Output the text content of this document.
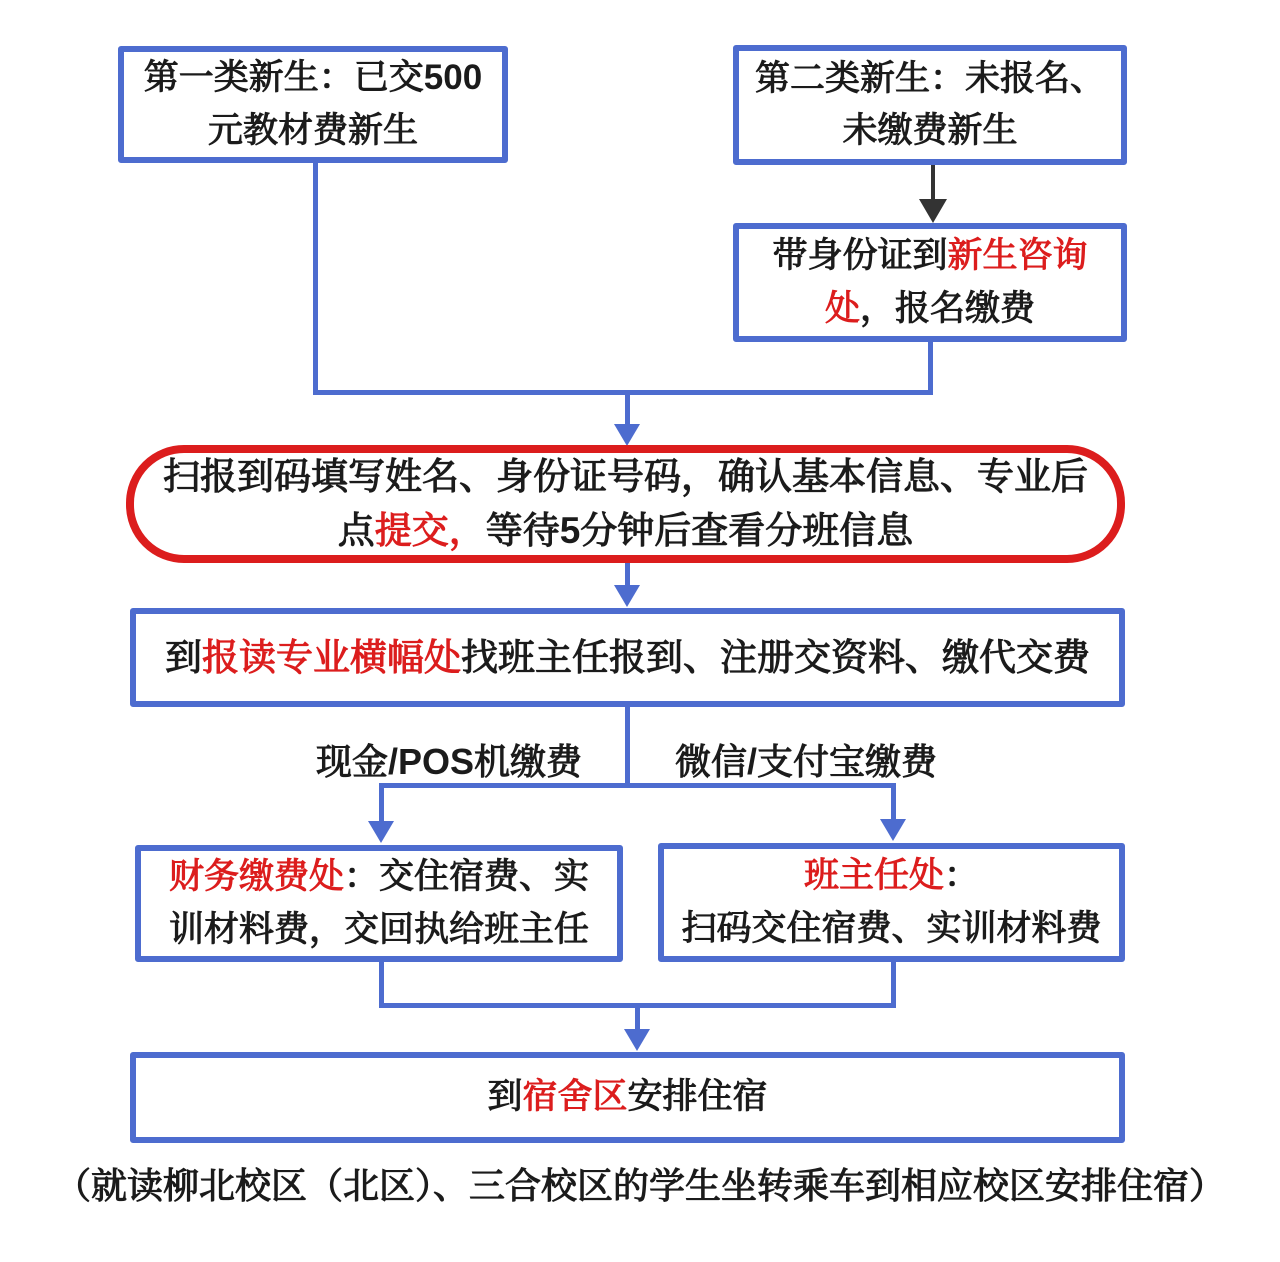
第一类新生：已交500
元教材费新生
第二类新生：未报名、
未缴费新生
带身份证到新生咨询
处，报名缴费
扫报到码填写姓名、身份证号码，确认基本信息、专业后
点提交，等待5分钟后查看分班信息
到报读专业横幅处找班主任报到、注册交资料、缴代交费
现金/POS机缴费	微信/支付宝缴费
财务缴费处：交住宿费、实
训材料费，交回执给班主任
班主任处：
扫码交住宿费、实训材料费
到宿舍区安排住宿
（就读柳北校区（北区）、三合校区的学生坐转乘车到相应校区安排住宿）
